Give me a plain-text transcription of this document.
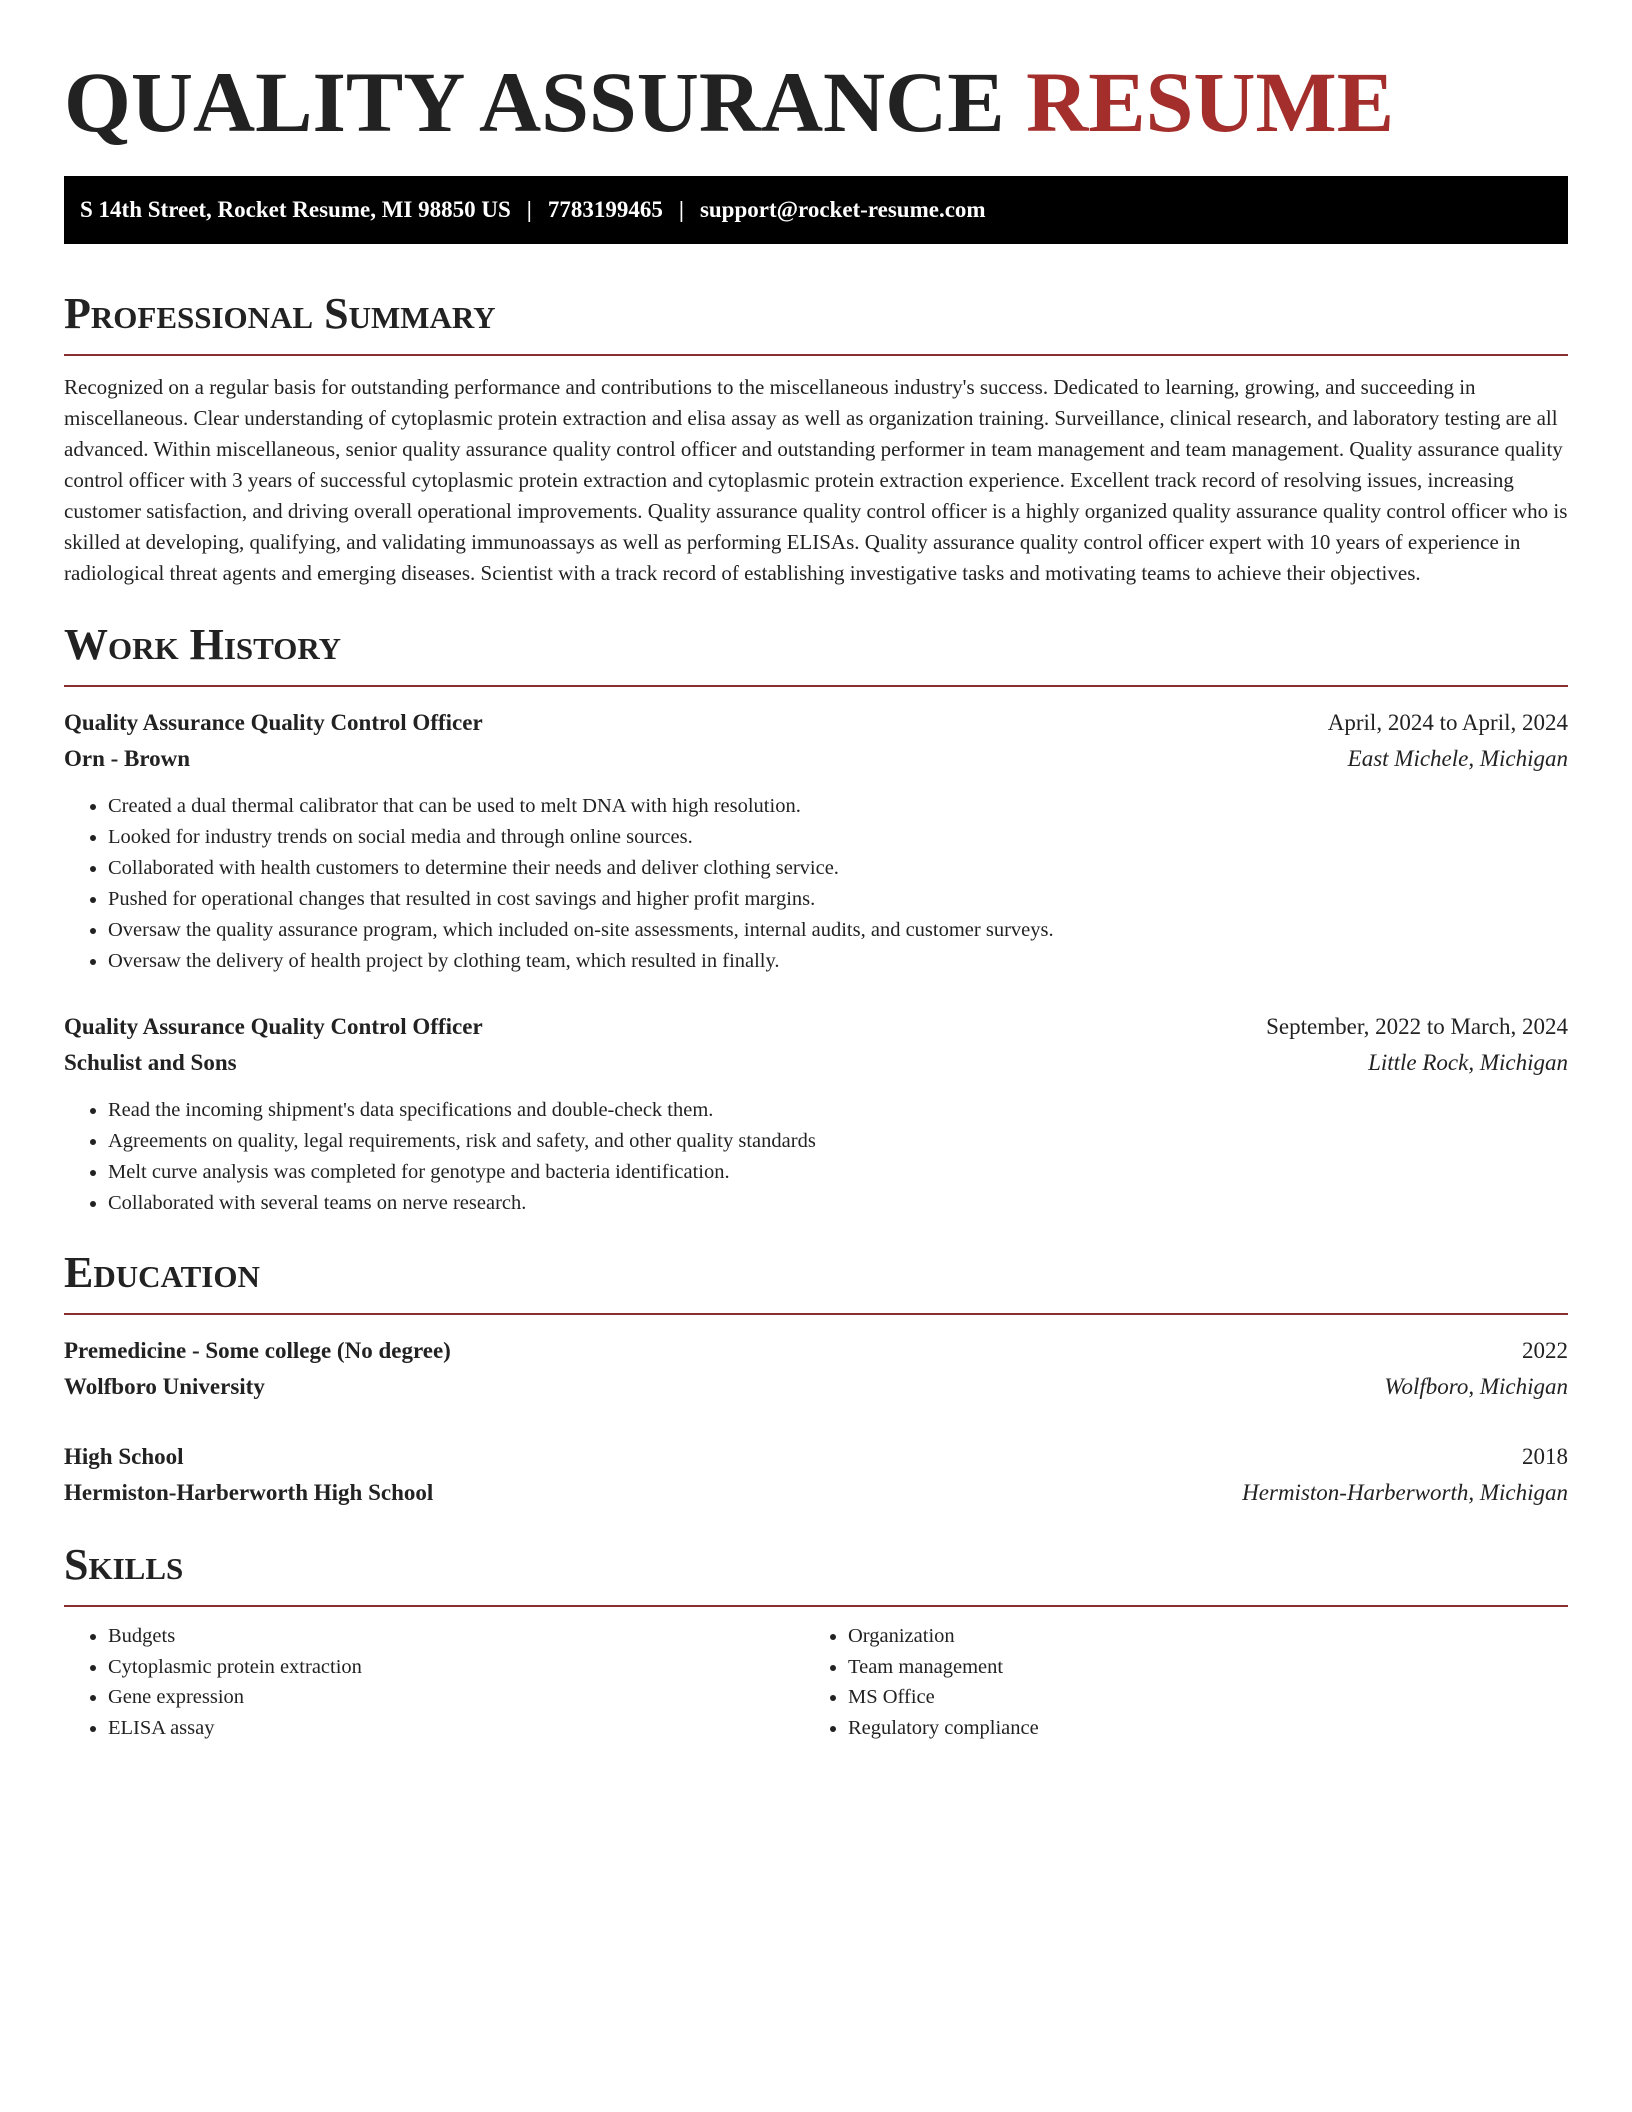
QUALITY ASSURANCE RESUME
S 14th Street, Rocket Resume, MI 98850 US | 7783199465 | support@rocket-resume.com
Professional Summary

Recognized on a regular basis for outstanding performance and contributions to the miscellaneous industry's success. Dedicated to learning, growing, and succeeding in miscellaneous. Clear understanding of cytoplasmic protein extraction and elisa assay as well as organization training. Surveillance, clinical research, and laboratory testing are all advanced. Within miscellaneous, senior quality assurance quality control officer and outstanding performer in team management and team management. Quality assurance quality control officer with 3 years of successful cytoplasmic protein extraction and cytoplasmic protein extraction experience. Excellent track record of resolving issues, increasing customer satisfaction, and driving overall operational improvements. Quality assurance quality control officer is a highly organized quality assurance quality control officer who is skilled at developing, qualifying, and validating immunoassays as well as performing ELISAs. Quality assurance quality control officer expert with 10 years of experience in radiological threat agents and emerging diseases. Scientist with a track record of establishing investigative tasks and motivating teams to achieve their objectives.

Work History
Quality Assurance Quality Control Officer	April, 2024 to April, 2024
Orn - Brown	East Michele, Michigan
• Created a dual thermal calibrator that can be used to melt DNA with high resolution.
• Looked for industry trends on social media and through online sources.
• Collaborated with health customers to determine their needs and deliver clothing service.
• Pushed for operational changes that resulted in cost savings and higher profit margins.
• Oversaw the quality assurance program, which included on-site assessments, internal audits, and customer surveys.
• Oversaw the delivery of health project by clothing team, which resulted in finally.
Quality Assurance Quality Control Officer	September, 2022 to March, 2024
Schulist and Sons	Little Rock, Michigan
• Read the incoming shipment's data specifications and double-check them.
• Agreements on quality, legal requirements, risk and safety, and other quality standards
• Melt curve analysis was completed for genotype and bacteria identification.
• Collaborated with several teams on nerve research.
Education
Premedicine - Some college (No degree)	2022
Wolfboro University	Wolfboro, Michigan
High School	2018
Hermiston-Harberworth High School	Hermiston-Harberworth, Michigan
Skills
• Budgets
• Cytoplasmic protein extraction
• Gene expression
• ELISA assay
• Organization
• Team management
• MS Office
• Regulatory compliance
